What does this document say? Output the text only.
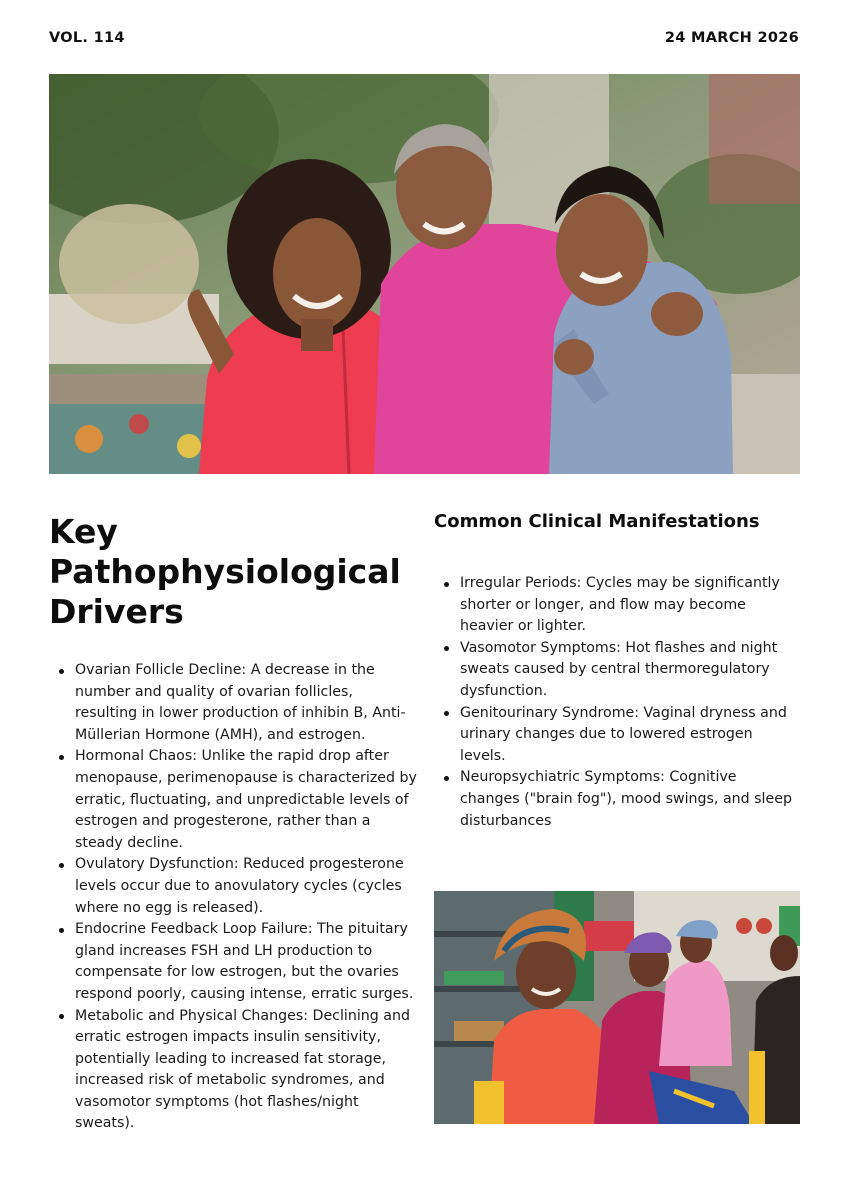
VOL. 114	24 MARCH 2026
Key Pathophysiological Drivers
Ovarian Follicle Decline: A decrease in the number and quality of ovarian follicles, resulting in lower production of inhibin B, Anti-Müllerian Hormone (AMH), and estrogen.
Hormonal Chaos: Unlike the rapid drop after menopause, perimenopause is characterized by erratic, fluctuating, and unpredictable levels of estrogen and progesterone, rather than a steady decline.
Ovulatory Dysfunction: Reduced progesterone levels occur due to anovulatory cycles (cycles where no egg is released).
Endocrine Feedback Loop Failure: The pituitary gland increases FSH and LH production to compensate for low estrogen, but the ovaries respond poorly, causing intense, erratic surges.
Metabolic and Physical Changes: Declining and erratic estrogen impacts insulin sensitivity, potentially leading to increased fat storage, increased risk of metabolic syndromes, and vasomotor symptoms (hot flashes/night sweats).
Common Clinical Manifestations
Irregular Periods: Cycles may be significantly shorter or longer, and flow may become heavier or lighter.
Vasomotor Symptoms: Hot flashes and night sweats caused by central thermoregulatory dysfunction.
Genitourinary Syndrome: Vaginal dryness and urinary changes due to lowered estrogen levels.
Neuropsychiatric Symptoms: Cognitive changes ("brain fog"), mood swings, and sleep disturbances
